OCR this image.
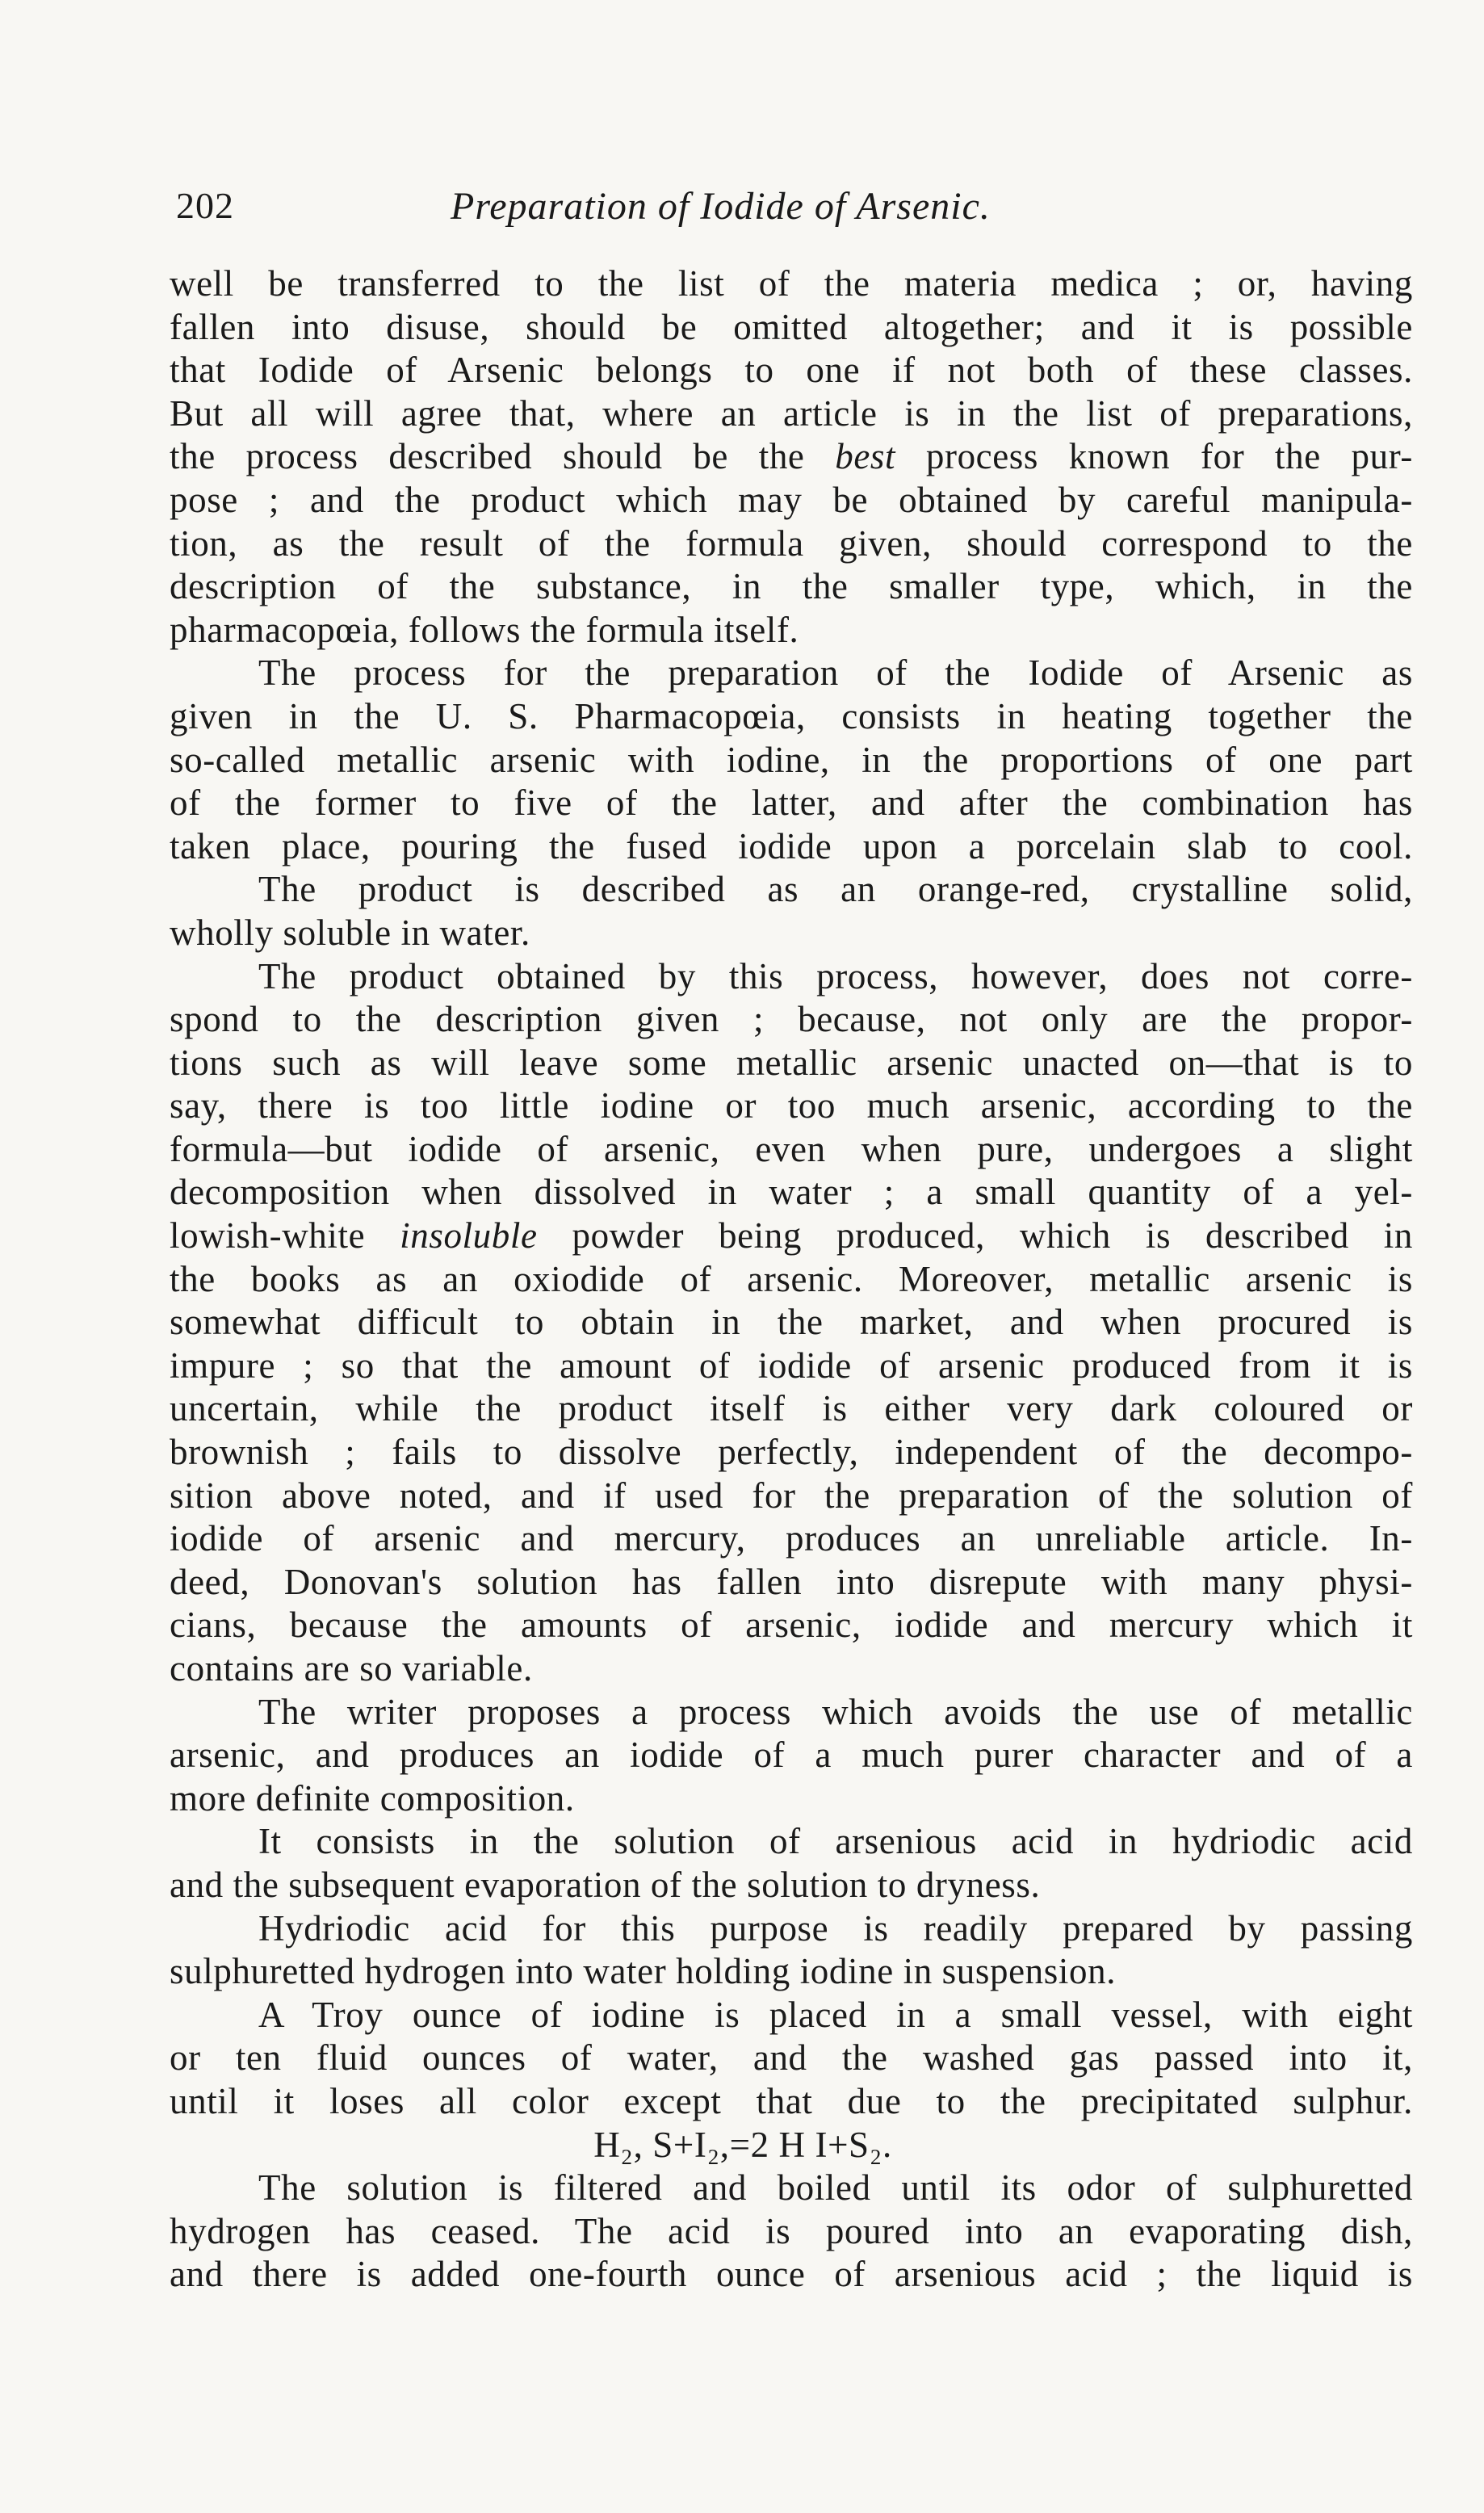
202	Preparation of Iodide of Arsenic.
well be transferred to the list of the materia medica ; or, having
fallen into disuse, should be omitted altogether; and it is possible
that Iodide of Arsenic belongs to one if not both of these classes.
But all will agree that, where an article is in the list of preparations,
the process described should be the best process known for the pur-
pose ; and the product which may be obtained by careful manipula-
tion, as the result of the formula given, should correspond to the
description of the substance, in the smaller type, which, in the
pharmacopœia, follows the formula itself.
The process for the preparation of the Iodide of Arsenic as
given in the U. S. Pharmacopœia, consists in heating together the
so-called metallic arsenic with iodine, in the proportions of one part
of the former to five of the latter, and after the combination has
taken place, pouring the fused iodide upon a porcelain slab to cool.
The product is described as an orange-red, crystalline solid,
wholly soluble in water.
The product obtained by this process, however, does not corre-
spond to the description given ; because, not only are the propor-
tions such as will leave some metallic arsenic unacted on—that is to
say, there is too little iodine or too much arsenic, according to the
formula—but iodide of arsenic, even when pure, undergoes a slight
decomposition when dissolved in water ; a small quantity of a yel-
lowish-white insoluble powder being produced, which is described in
the books as an oxiodide of arsenic. Moreover, metallic arsenic is
somewhat difficult to obtain in the market, and when procured is
impure ; so that the amount of iodide of arsenic produced from it is
uncertain, while the product itself is either very dark coloured or
brownish ; fails to dissolve perfectly, independent of the decompo-
sition above noted, and if used for the preparation of the solution of
iodide of arsenic and mercury, produces an unreliable article. In-
deed, Donovan's solution has fallen into disrepute with many physi-
cians, because the amounts of arsenic, iodide and mercury which it
contains are so variable.
The writer proposes a process which avoids the use of metallic
arsenic, and produces an iodide of a much purer character and of a
more definite composition.
It consists in the solution of arsenious acid in hydriodic acid
and the subsequent evaporation of the solution to dryness.
Hydriodic acid for this purpose is readily prepared by passing
sulphuretted hydrogen into water holding iodine in suspension.
A Troy ounce of iodine is placed in a small vessel, with eight
or ten fluid ounces of water, and the washed gas passed into it,
until it loses all color except that due to the precipitated sulphur.
H₂, S+I₂,=2 H I+S₂.
The solution is filtered and boiled until its odor of sulphuretted
hydrogen has ceased. The acid is poured into an evaporating dish,
and there is added one-fourth ounce of arsenious acid ; the liquid is
